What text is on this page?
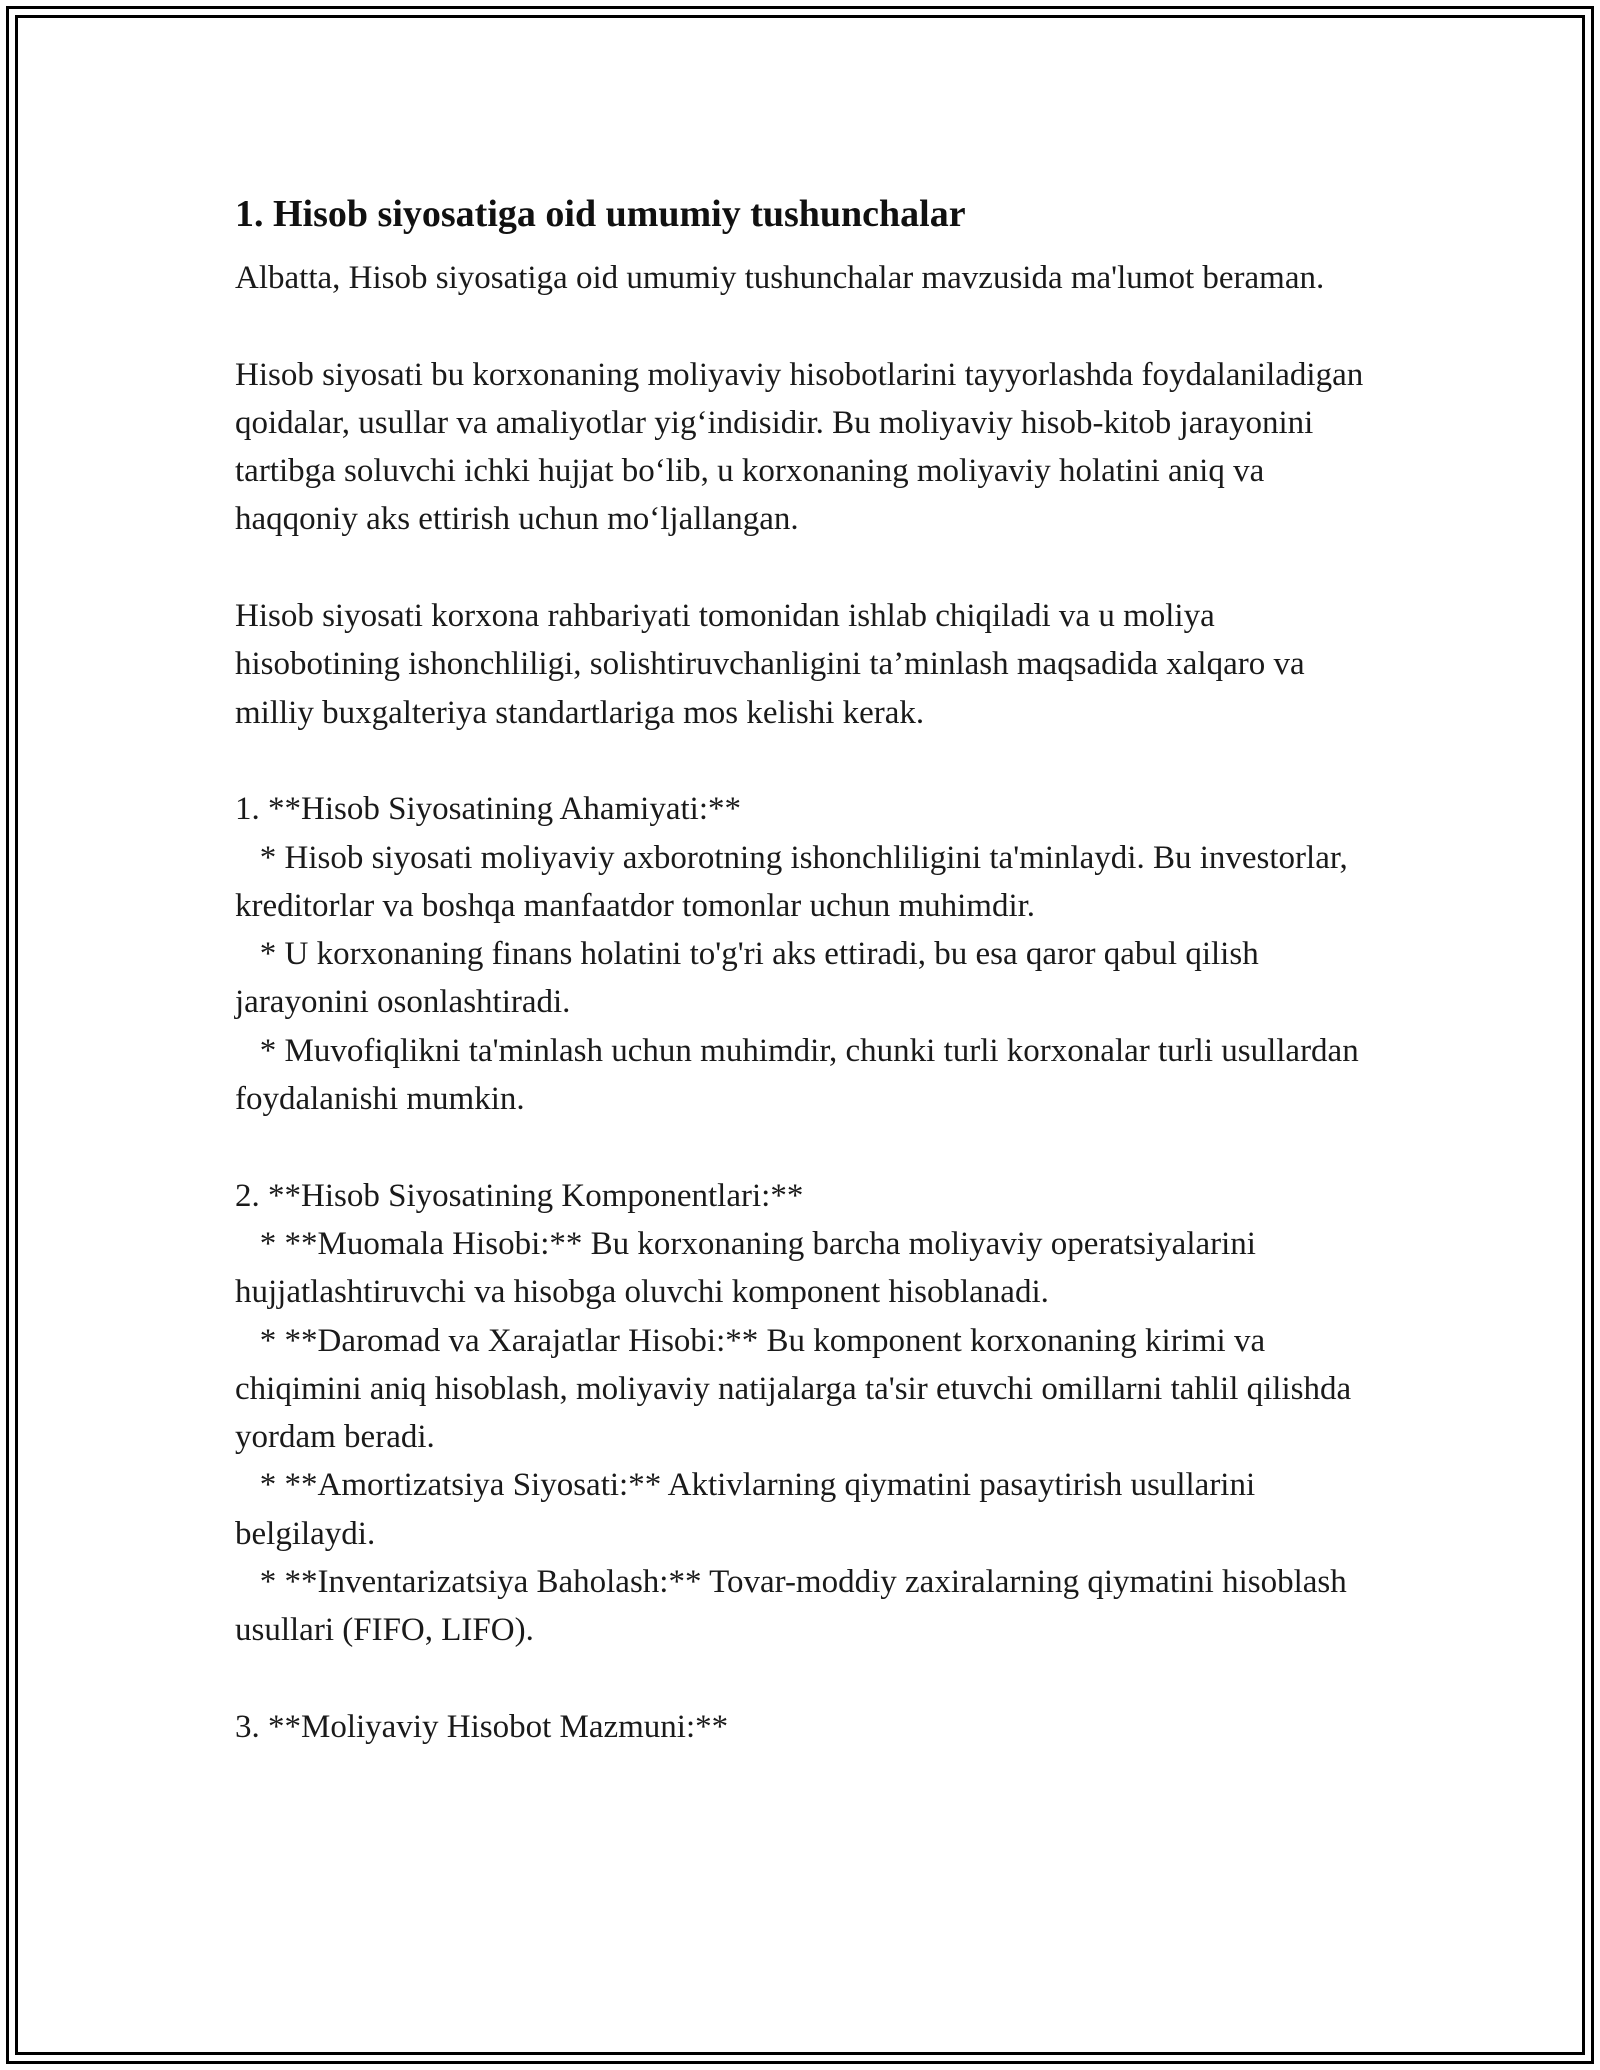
1. Hisob siyosatiga oid umumiy tushunchalar

Albatta, Hisob siyosatiga oid umumiy tushunchalar mavzusida ma'lumot beraman.

Hisob siyosati bu korxonaning moliyaviy hisobotlarini tayyorlashda foydalaniladigan qoidalar, usullar va amaliyotlar yig‘indisidir. Bu moliyaviy hisob-kitob jarayonini tartibga soluvchi ichki hujjat bo‘lib, u korxonaning moliyaviy holatini aniq va haqqoniy aks ettirish uchun mo‘ljallangan.

Hisob siyosati korxona rahbariyati tomonidan ishlab chiqiladi va u moliya hisobotining ishonchliligi, solishtiruvchanligini ta’minlash maqsadida xalqaro va milliy buxgalteriya standartlariga mos kelishi kerak.

1. **Hisob Siyosatining Ahamiyati:**

* Hisob siyosati moliyaviy axborotning ishonchliligini ta'minlaydi. Bu investorlar, kreditorlar va boshqa manfaatdor tomonlar uchun muhimdir.

* U korxonaning finans holatini to'g'ri aks ettiradi, bu esa qaror qabul qilish jarayonini osonlashtiradi.

* Muvofiqlikni ta'minlash uchun muhimdir, chunki turli korxonalar turli usullardan foydalanishi mumkin.

2. **Hisob Siyosatining Komponentlari:**

* **Muomala Hisobi:** Bu korxonaning barcha moliyaviy operatsiyalarini hujjatlashtiruvchi va hisobga oluvchi komponent hisoblanadi.

* **Daromad va Xarajatlar Hisobi:** Bu komponent korxonaning kirimi va chiqimini aniq hisoblash, moliyaviy natijalarga ta'sir etuvchi omillarni tahlil qilishda yordam beradi.

* **Amortizatsiya Siyosati:** Aktivlarning qiymatini pasaytirish usullarini belgilaydi.

* **Inventarizatsiya Baholash:** Tovar-moddiy zaxiralarning qiymatini hisoblash usullari (FIFO, LIFO).

3. **Moliyaviy Hisobot Mazmuni:**
